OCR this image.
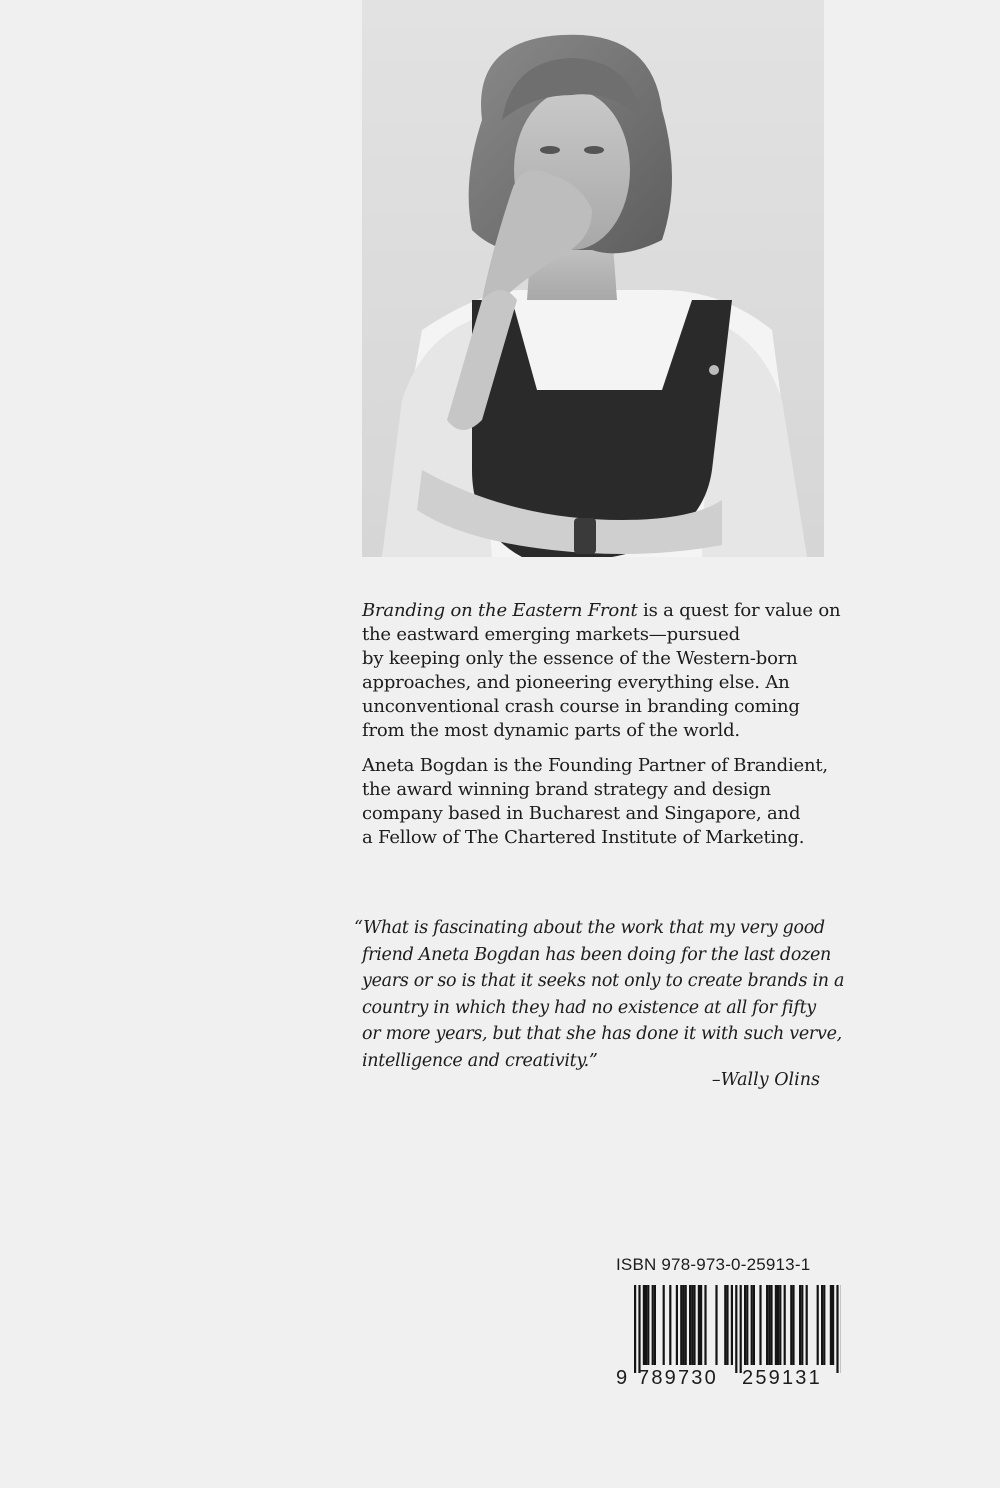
Branding on the Eastern Front is a quest for value on
the eastward emerging markets—pursued
by keeping only the essence of the Western-born
approaches, and pioneering everything else. An
unconventional crash course in branding coming
from the most dynamic parts of the world.

Aneta Bogdan is the Founding Partner of Brandient,
the award winning brand strategy and design
company based in Bucharest and Singapore, and
a Fellow of The Chartered Institute of Marketing.

“What is fascinating about the work that my very good
friend Aneta Bogdan has been doing for the last dozen
years or so is that it seeks not only to create brands in a
country in which they had no existence at all for fifty
or more years, but that she has done it with such verve,
intelligence and creativity.”
–Wally Olins
ISBN 978-973-0-25913-1
9 789730 259131
